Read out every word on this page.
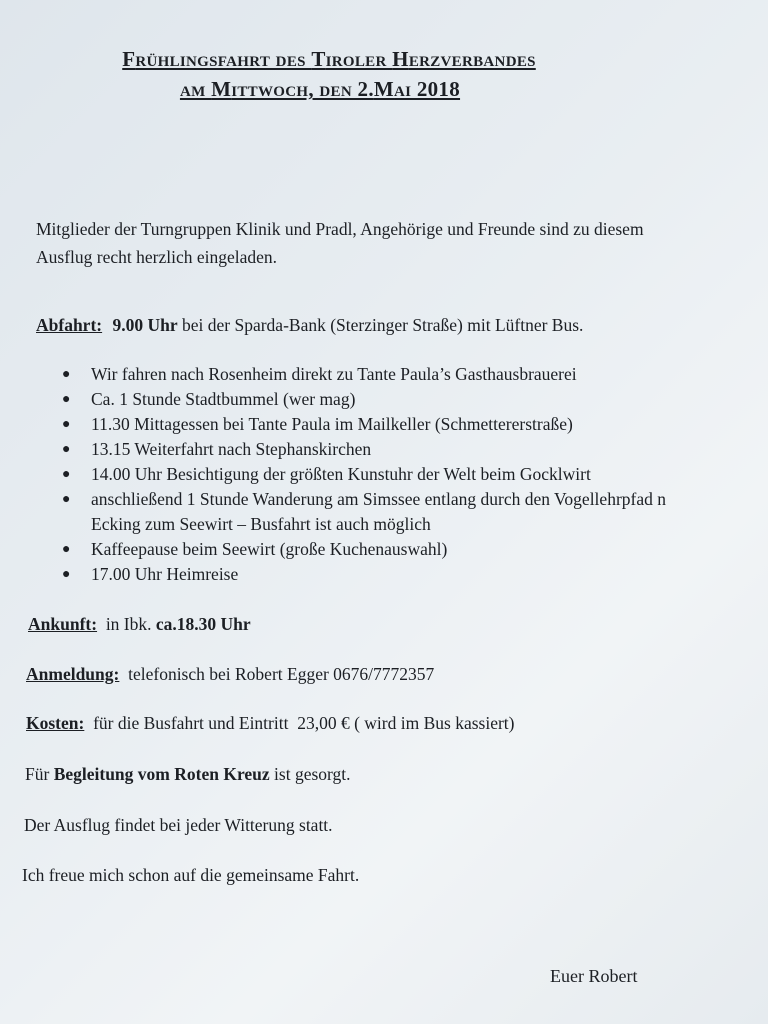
Frühlingsfahrt des Tiroler Herzverbandes
am Mittwoch, den 2.Mai 2018
Mitglieder der Turngruppen Klinik und Pradl, Angehörige und Freunde sind zu diesem
Ausflug recht herzlich eingeladen.
Abfahrt: 9.00 Uhr bei der Sparda-Bank (Sterzinger Straße) mit Lüftner Bus.
● Wir fahren nach Rosenheim direkt zu Tante Paula’s Gasthausbrauerei
● Ca. 1 Stunde Stadtbummel (wer mag)
● 11.30 Mittagessen bei Tante Paula im Mailkeller (Schmettererstraße)
● 13.15 Weiterfahrt nach Stephanskirchen
● 14.00 Uhr Besichtigung der größten Kunstuhr der Welt beim Gocklwirt
● anschließend 1 Stunde Wanderung am Simssee entlang durch den Vogellehrpfad n
Ecking zum Seewirt – Busfahrt ist auch möglich
● Kaffeepause beim Seewirt (große Kuchenauswahl)
● 17.00 Uhr Heimreise
Ankunft:  in Ibk. ca.18.30 Uhr
Anmeldung:  telefonisch bei Robert Egger 0676/7772357
Kosten:  für die Busfahrt und Eintritt  23,00 € ( wird im Bus kassiert)
Für Begleitung vom Roten Kreuz ist gesorgt.
Der Ausflug findet bei jeder Witterung statt.
Ich freue mich schon auf die gemeinsame Fahrt.
Euer Robert
